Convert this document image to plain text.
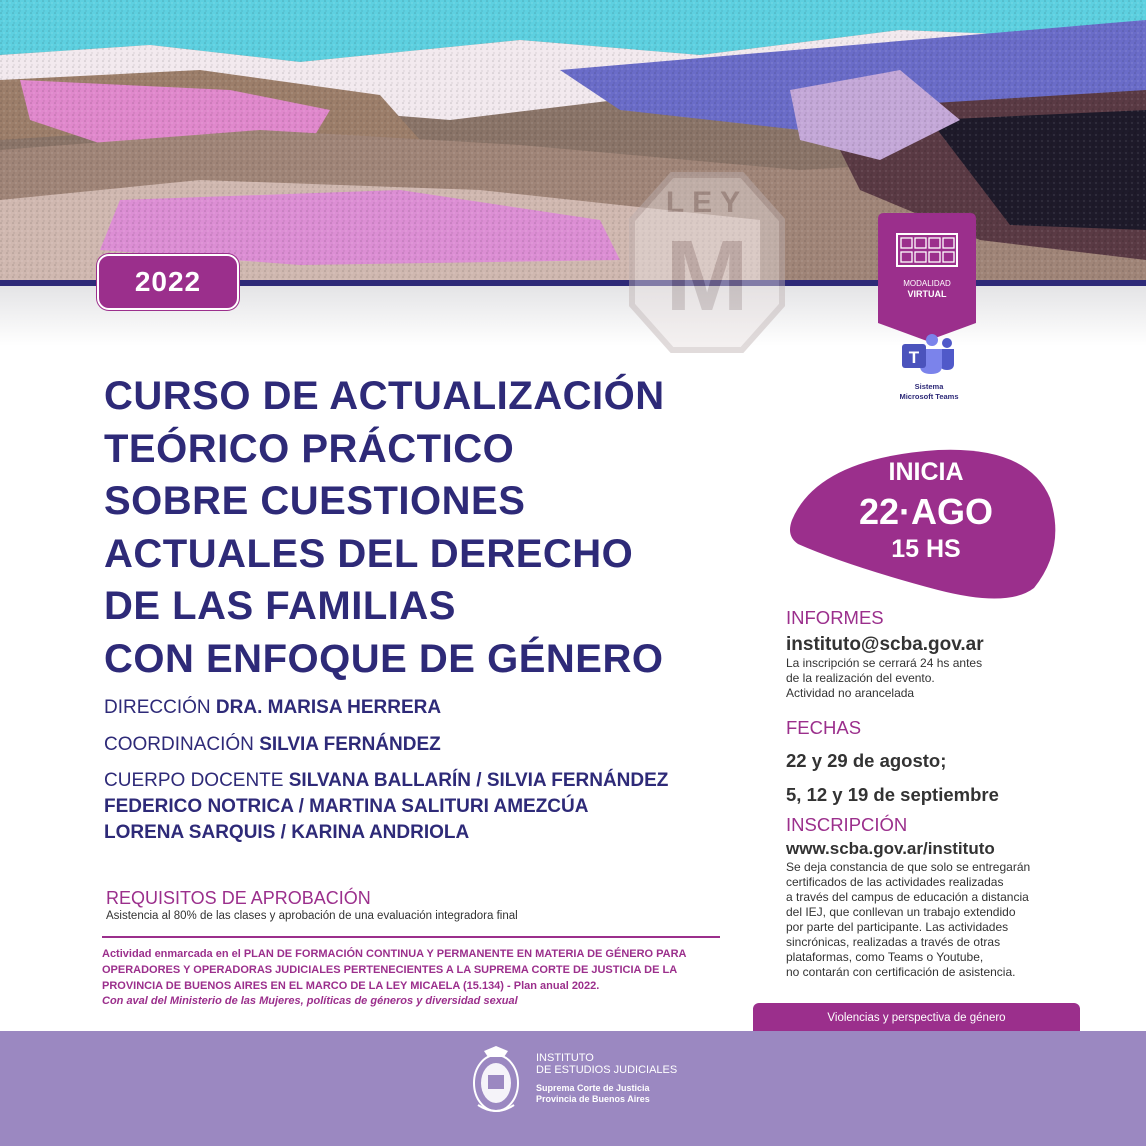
LEY
M
2022	MODALIDAD
VIRTUAL
T
Sistema
Microsoft Teams
CURSO DE ACTUALIZACIÓN
TEÓRICO PRÁCTICO
SOBRE CUESTIONES
ACTUALES DEL DERECHO
DE LAS FAMILIAS
CON ENFOQUE DE GÉNERO
DIRECCIÓN DRA. MARISA HERRERA
COORDINACIÓN SILVIA FERNÁNDEZ
CUERPO DOCENTE SILVANA BALLARÍN / SILVIA FERNÁNDEZ
FEDERICO NOTRICA / MARTINA SALITURI AMEZCÚA
LORENA SARQUIS / KARINA ANDRIOLA
INICIA
22·AGO
15 HS
INFORMES
instituto@scba.gov.ar
La inscripción se cerrará 24 hs antes
de la realización del evento.
Actividad no arancelada
FECHAS
22 y 29 de agosto;
5, 12 y 19 de septiembre
INSCRIPCIÓN
www.scba.gov.ar/instituto
Se deja constancia de que solo se entregarán
certificados de las actividades realizadas
a través del campus de educación a distancia
del IEJ, que conllevan un trabajo extendido
por parte del participante. Las actividades
sincrónicas, realizadas a través de otras
plataformas, como Teams o Youtube,
no contarán con certificación de asistencia.
REQUISITOS DE APROBACIÓN
Asistencia al 80% de las clases y aprobación de una evaluación integradora final
Actividad enmarcada en el PLAN DE FORMACIÓN CONTINUA Y PERMANENTE EN MATERIA DE GÉNERO PARA
OPERADORES Y OPERADORAS JUDICIALES PERTENECIENTES A LA SUPREMA CORTE DE JUSTICIA DE LA
PROVINCIA DE BUENOS AIRES EN EL MARCO DE LA LEY MICAELA (15.134) - Plan anual 2022.
Con aval del Ministerio de las Mujeres, políticas de géneros y diversidad sexual
Violencias y perspectiva de género
INSTITUTO
DE ESTUDIOS JUDICIALES
Suprema Corte de Justicia
Provincia de Buenos Aires
